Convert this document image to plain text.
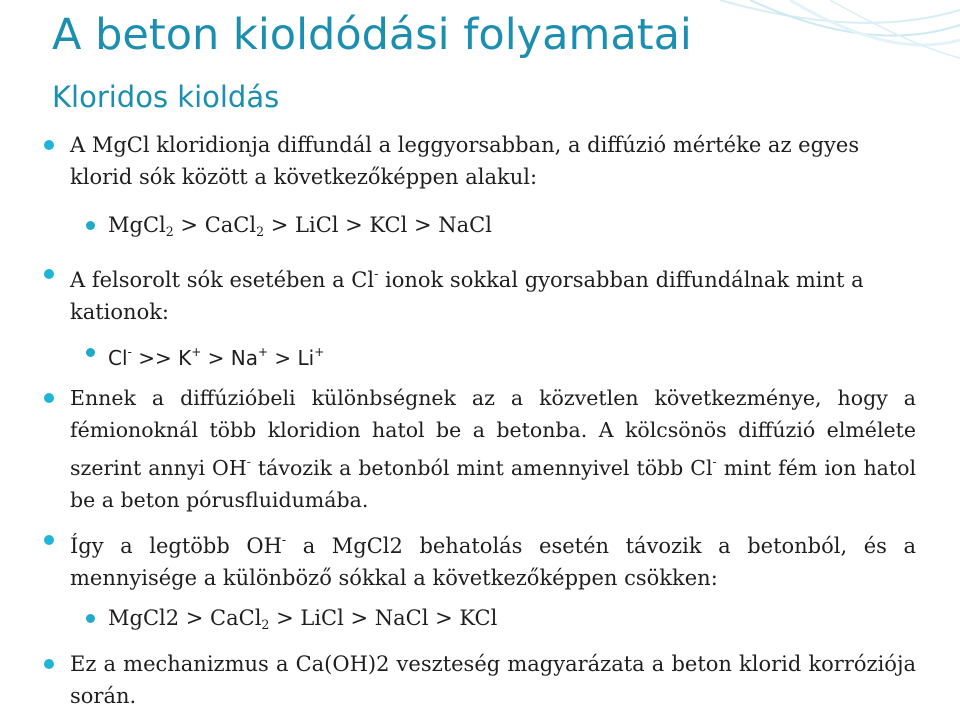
A beton kioldódási folyamatai
Kloridos kioldás
A MgCl kloridionja diffundál a leggyorsabban, a diffúzió mértéke az egyes klorid sók között a következőképpen alakul:
MgCl$_2$ > CaCl$_2$ > LiCl > KCl > NaCl
A felsorolt sók esetében a Cl- ionok sokkal gyorsabban diffundálnak mint a kationok:
Cl- >> K+ > Na+ > Li+
Ennek a diffúzióbeli különbségnek az a közvetlen következménye, hogy a fémionoknál több kloridion hatol be a betonba. A kölcsönös diffúzió elmélete szerint annyi OH- távozik a betonból mint amennyivel több Cl- mint fém ion hatol be a beton pórusfluidumába.
Így a legtöbb OH- a MgCl2 behatolás esetén távozik a betonból, és a mennyisége a különböző sókkal a következőképpen csökken:
MgCl2 > CaCl$_2$ > LiCl > NaCl > KCl
Ez a mechanizmus a Ca(OH)2 veszteség magyarázata a beton klorid korróziója során.
